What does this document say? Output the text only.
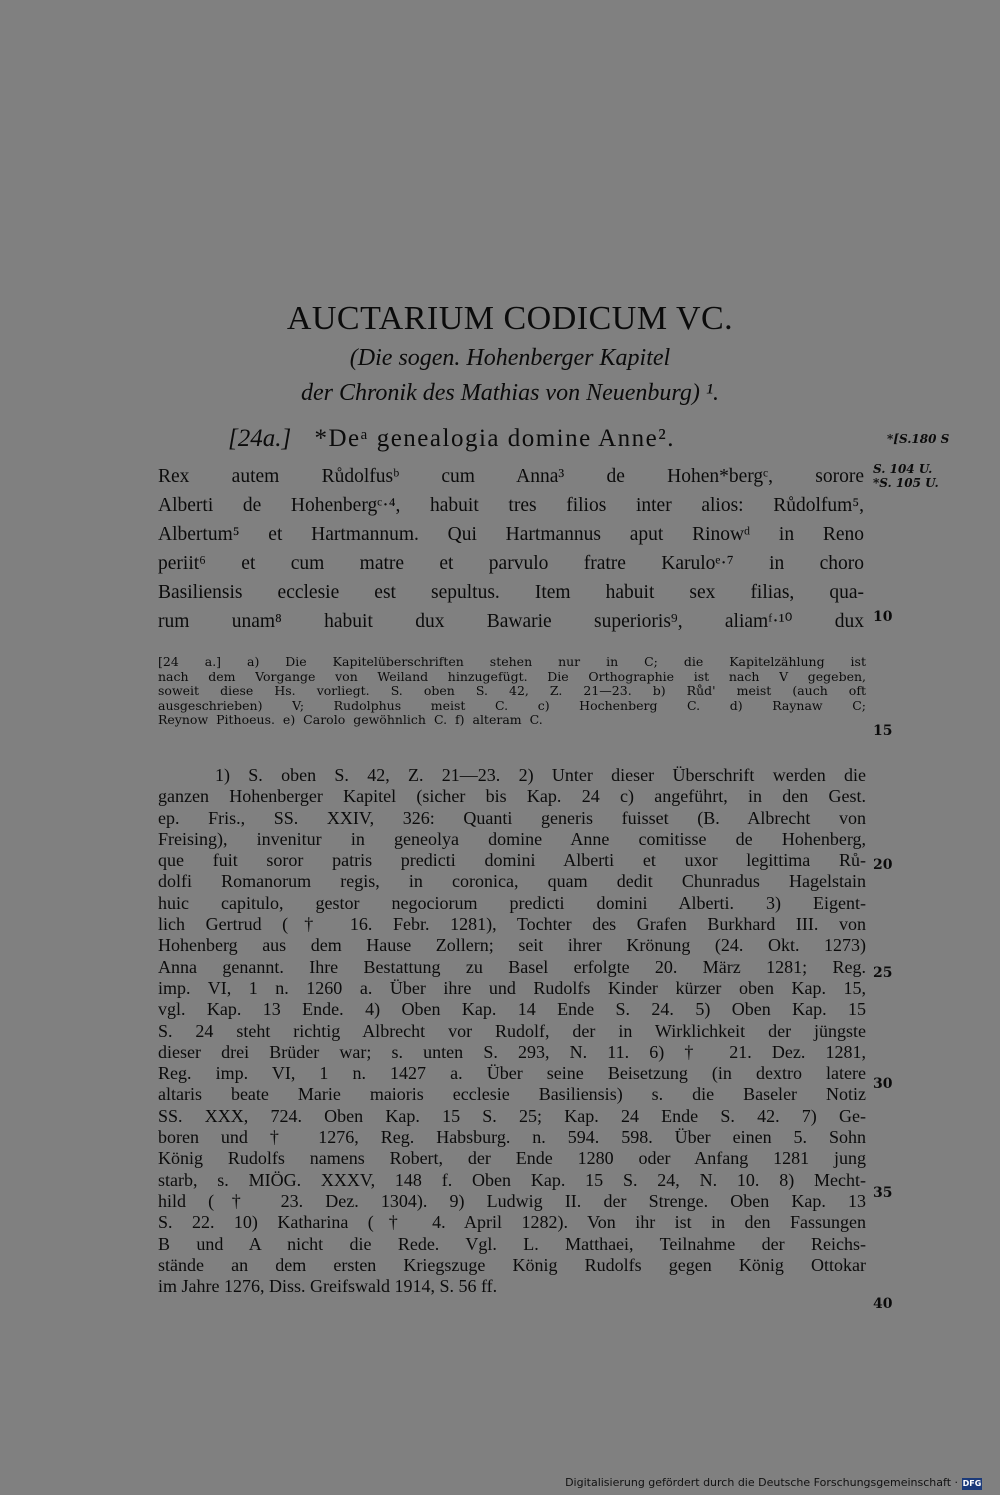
AUCTARIUM CODICUM VC.
(Die sogen. Hohenberger Kapitel
der Chronik des Mathias von Neuenburg) ¹.
[24a.] *Deᵃ genealogia domine Anne².	*[S.180 S
S. 104 U.
*S. 105 U.
Rex autem Růdolfusᵇ cum Anna³ de Hohen*bergᶜ, sorore
Alberti de Hohenbergᶜ·⁴, habuit tres filios inter alios: Růdolfum⁵,
Albertum⁵ et Hartmannum. Qui Hartmannus aput Rinowᵈ in Reno
periit⁶ et cum matre et parvulo fratre Karuloᵉ·⁷ in choro
Basiliensis ecclesie est sepultus. Item habuit sex filias, qua-
rum unam⁸ habuit dux Bawarie superioris⁹, aliamᶠ·¹⁰ dux
[24 a.] a) Die Kapitelüberschriften stehen nur in C; die Kapitelzählung ist
nach dem Vorgange von Weiland hinzugefügt. Die Orthographie ist nach V gegeben,
soweit diese Hs. vorliegt. S. oben S. 42, Z. 21—23. b) Růd' meist (auch oft
ausgeschrieben) V; Rudolphus meist C. c) Hochenberg C. d) Raynaw C;
Reynow Pithoeus. e) Carolo gewöhnlich C. f) alteram C.
1) S. oben S. 42, Z. 21—23. 2) Unter dieser Überschrift werden die
ganzen Hohenberger Kapitel (sicher bis Kap. 24 c) angeführt, in den Gest.
ep. Fris., SS. XXIV, 326: Quanti generis fuisset (B. Albrecht von
Freising), invenitur in geneolya domine Anne comitisse de Hohenberg,
que fuit soror patris predicti domini Alberti et uxor legittima Rů-
dolfi Romanorum regis, in coronica, quam dedit Chunradus Hagelstain
huic capitulo, gestor negociorum predicti domini Alberti. 3) Eigent-
lich Gertrud († 16. Febr. 1281), Tochter des Grafen Burkhard III. von
Hohenberg aus dem Hause Zollern; seit ihrer Krönung (24. Okt. 1273)
Anna genannt. Ihre Bestattung zu Basel erfolgte 20. März 1281; Reg.
imp. VI, 1 n. 1260 a. Über ihre und Rudolfs Kinder kürzer oben Kap. 15,
vgl. Kap. 13 Ende. 4) Oben Kap. 14 Ende S. 24. 5) Oben Kap. 15
S. 24 steht richtig Albrecht vor Rudolf, der in Wirklichkeit der jüngste
dieser drei Brüder war; s. unten S. 293, N. 11. 6) † 21. Dez. 1281,
Reg. imp. VI, 1 n. 1427 a. Über seine Beisetzung (in dextro latere
altaris beate Marie maioris ecclesie Basiliensis) s. die Baseler Notiz
SS. XXX, 724. Oben Kap. 15 S. 25; Kap. 24 Ende S. 42. 7) Ge-
boren und † 1276, Reg. Habsburg. n. 594. 598. Über einen 5. Sohn
König Rudolfs namens Robert, der Ende 1280 oder Anfang 1281 jung
starb, s. MIÖG. XXXV, 148 f. Oben Kap. 15 S. 24, N. 10. 8) Mecht-
hild († 23. Dez. 1304). 9) Ludwig II. der Strenge. Oben Kap. 13
S. 22. 10) Katharina († 4. April 1282). Von ihr ist in den Fassungen
B und A nicht die Rede. Vgl. L. Matthaei, Teilnahme der Reichs-
stände an dem ersten Kriegszuge König Rudolfs gegen König Ottokar
im Jahre 1276, Diss. Greifswald 1914, S. 56 ff.
10
15
20
25
30
35
40
Digitalisierung gefördert durch die Deutsche Forschungsgemeinschaft · DFG
